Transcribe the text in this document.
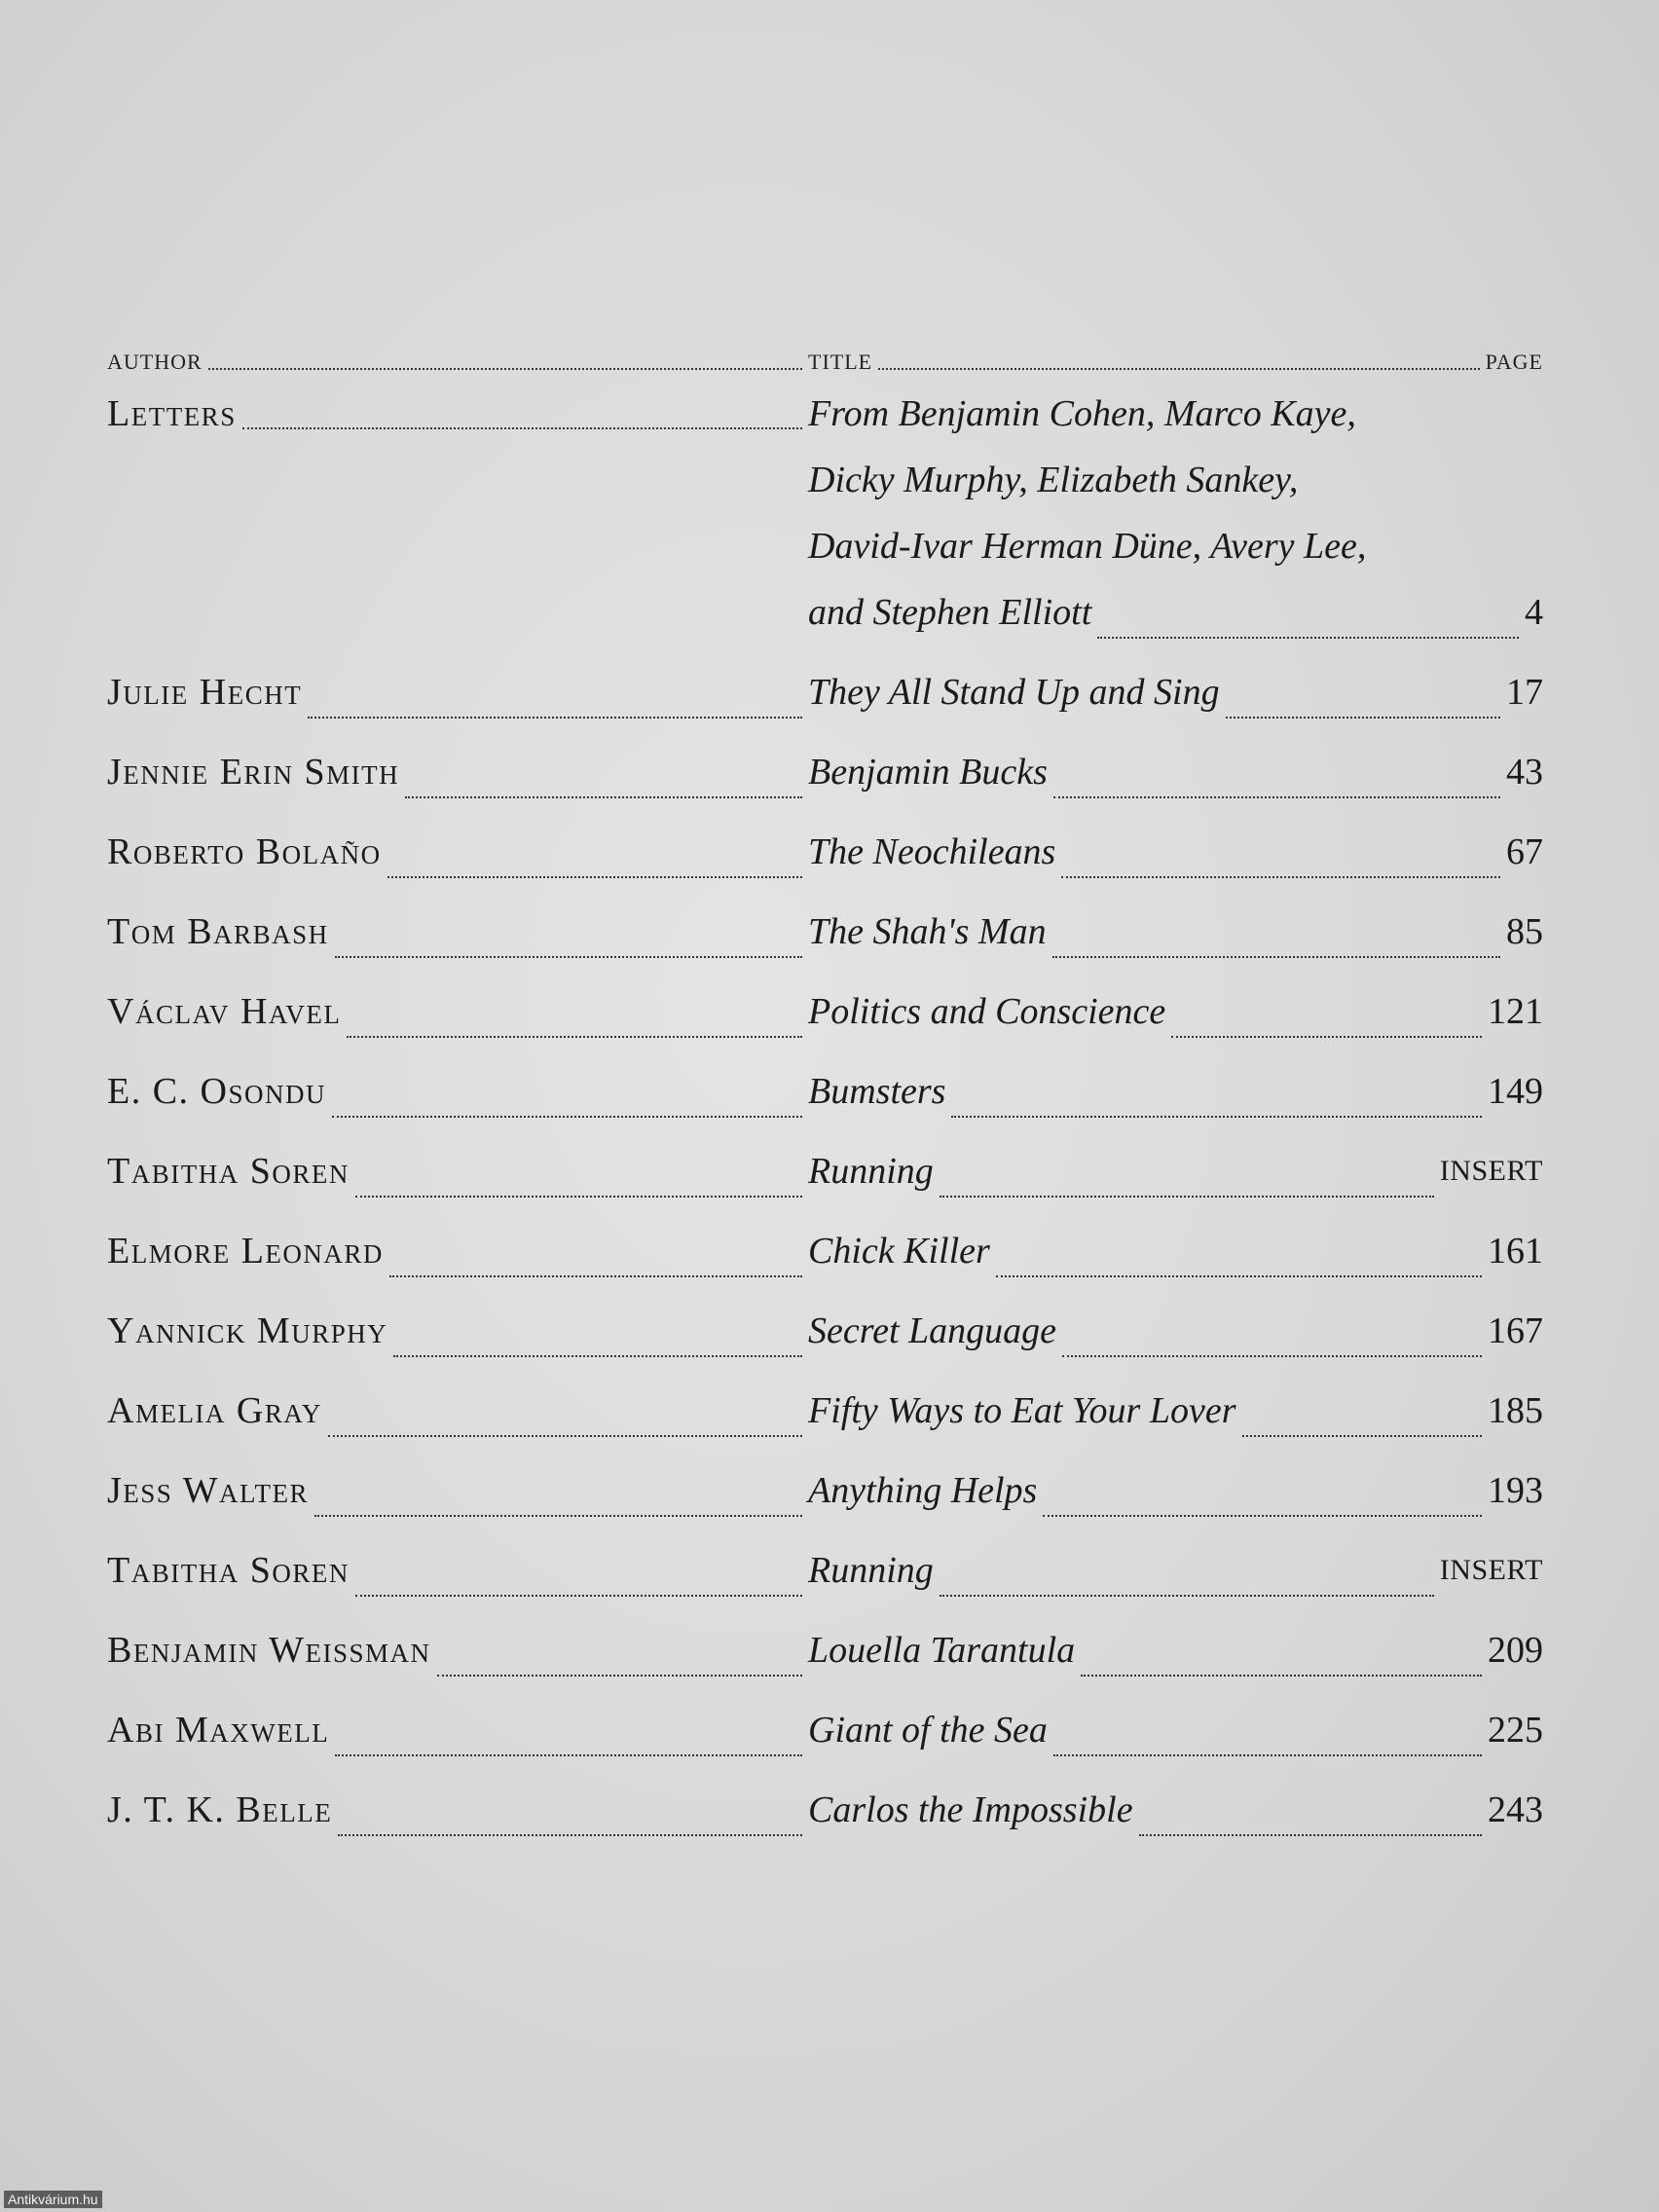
AUTHOR	TITLE	PAGE
Letters	From Benjamin Cohen, Marco Kaye,
Dicky Murphy, Elizabeth Sankey,
David-Ivar Herman Düne, Avery Lee,
and Stephen Elliott	4
Julie Hecht	They All Stand Up and Sing	17
Jennie Erin Smith	Benjamin Bucks	43
Roberto Bolaño	The Neochileans	67
Tom Barbash	The Shah's Man	85
Václav Havel	Politics and Conscience	121
E. C. Osondu	Bumsters	149
Tabitha Soren	Running	INSERT
Elmore Leonard	Chick Killer	161
Yannick Murphy	Secret Language	167
Amelia Gray	Fifty Ways to Eat Your Lover	185
Jess Walter	Anything Helps	193
Tabitha Soren	Running	INSERT
Benjamin Weissman	Louella Tarantula	209
Abi Maxwell	Giant of the Sea	225
J. T. K. Belle	Carlos the Impossible	243
Antikvárium.hu
